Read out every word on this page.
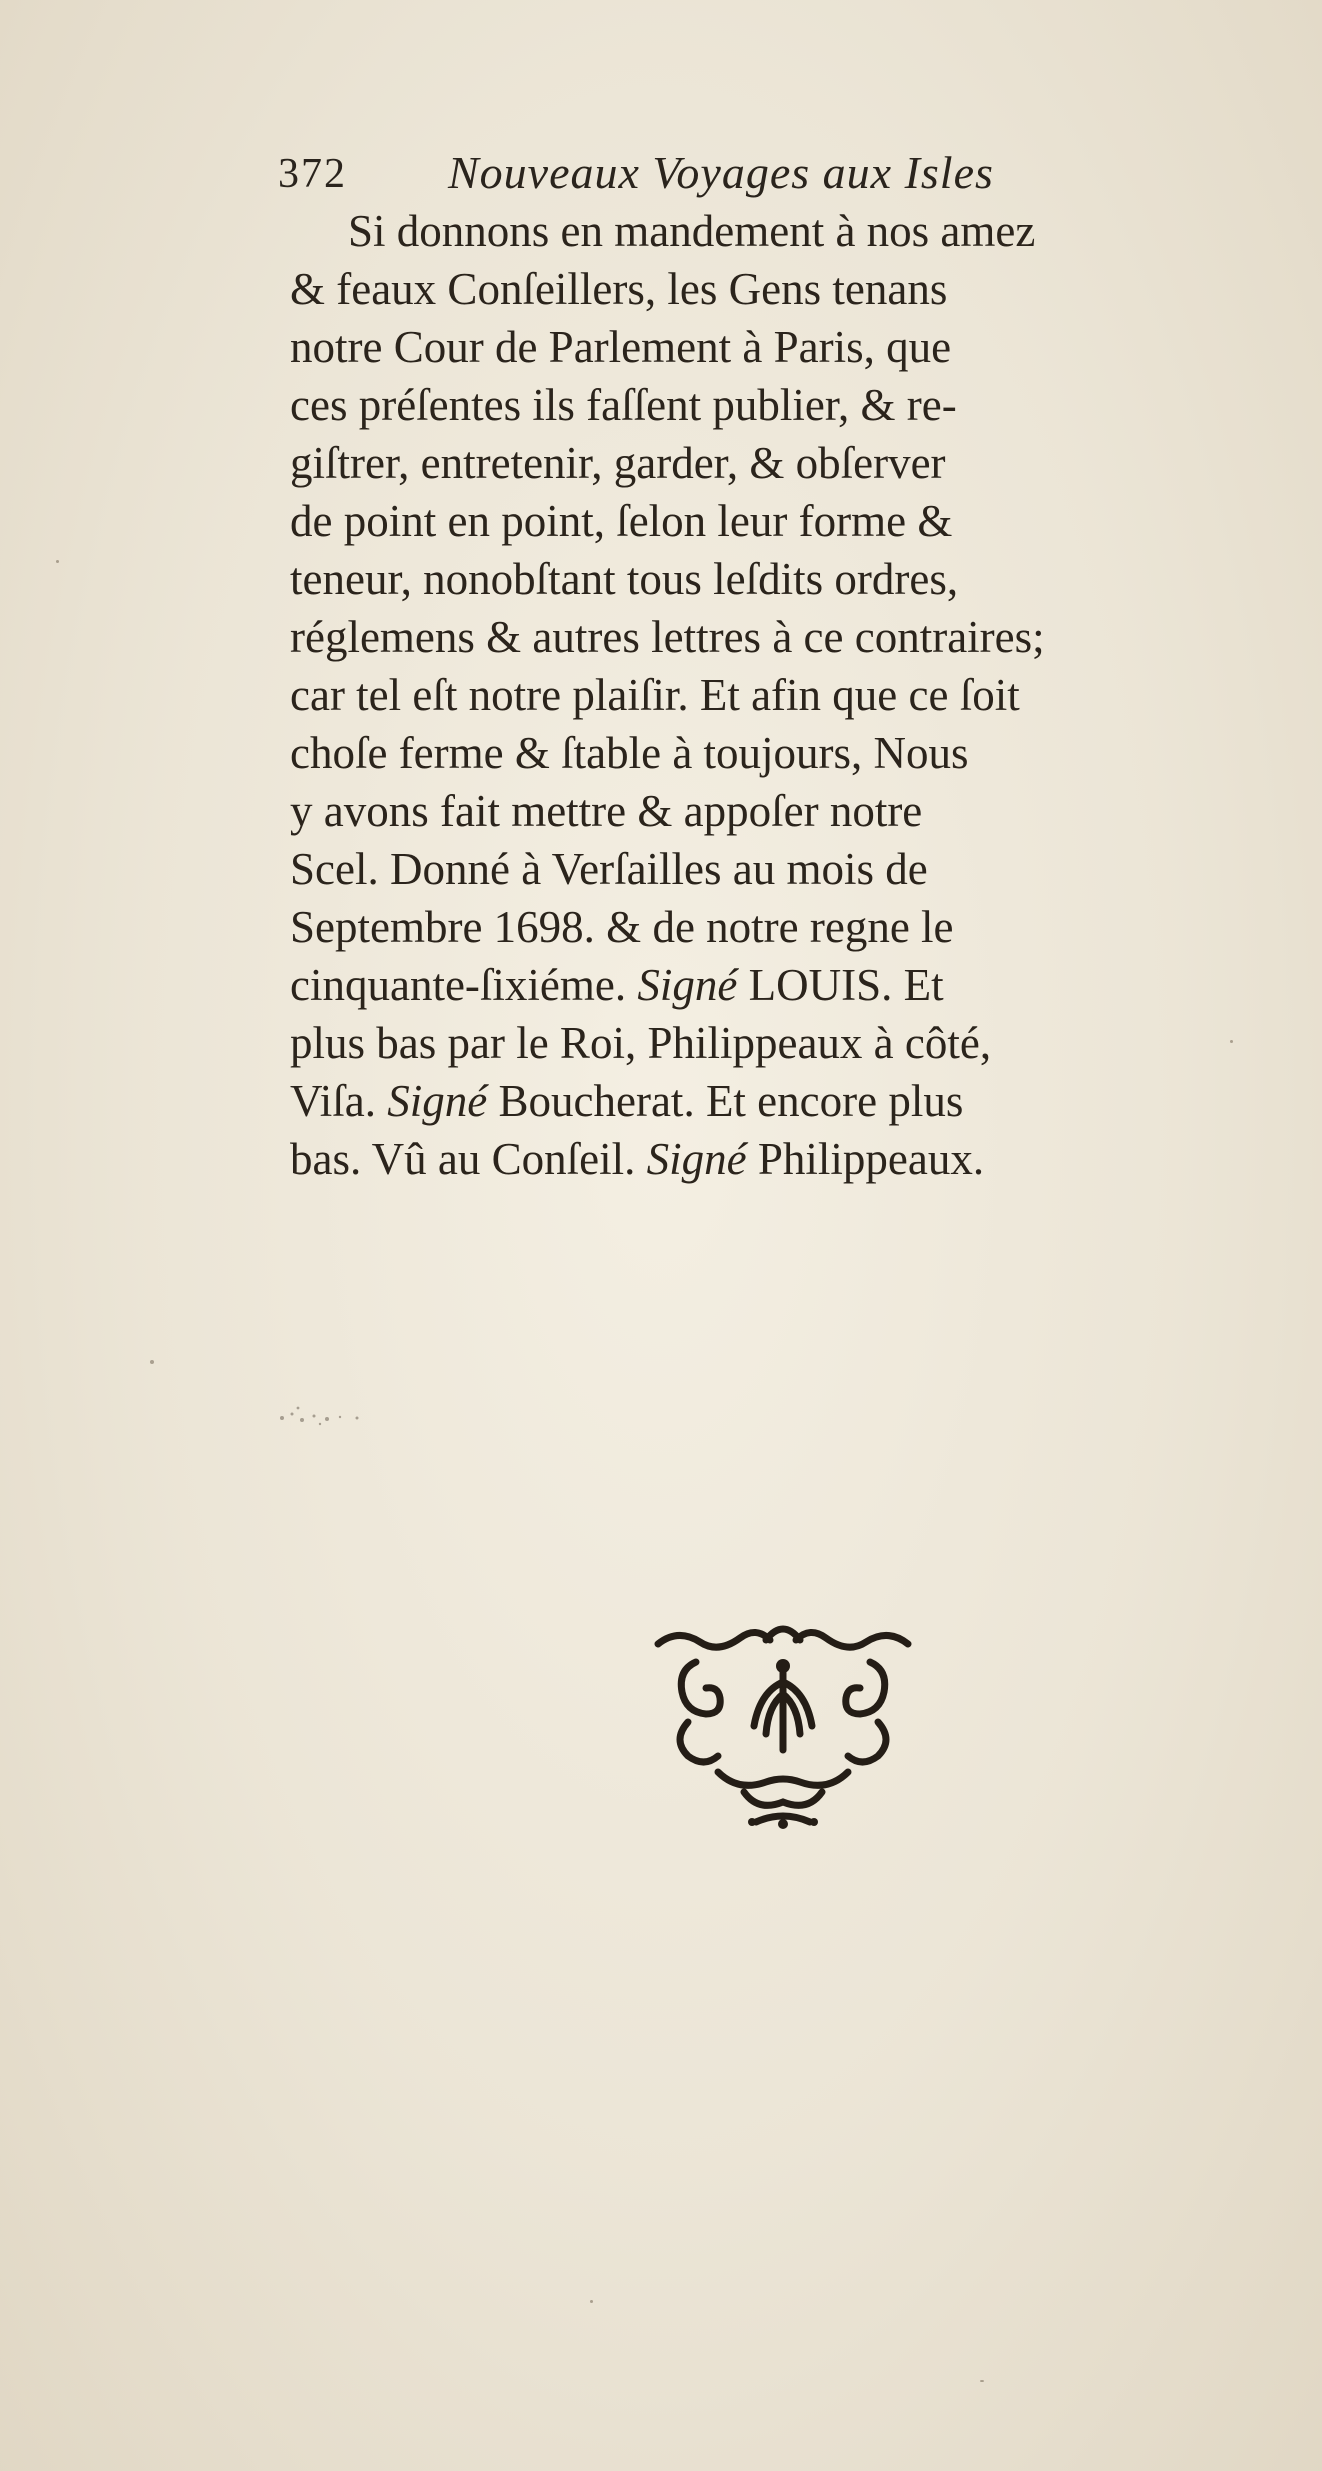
372 Nouveaux Voyages aux Isles
Si donnons en mandement à nos amez
& feaux Conſeillers, les Gens tenans
notre Cour de Parlement à Paris, que
ces préſentes ils faſſent publier, & re-
giſtrer, entretenir, garder, & obſerver
de point en point, ſelon leur forme &
teneur, nonobſtant tous leſdits ordres,
réglemens & autres lettres à ce contraires;
car tel eſt notre plaiſir. Et afin que ce ſoit
choſe ferme & ſtable à toujours, Nous
y avons fait mettre & appoſer notre
Scel. Donné à Verſailles au mois de
Septembre 1698. & de notre regne le
cinquante-ſixiéme. Signé LOUIS. Et
plus bas par le Roi, Philippeaux à côté,
Viſa. Signé Boucherat. Et encore plus
bas. Vû au Conſeil. Signé Philippeaux.
